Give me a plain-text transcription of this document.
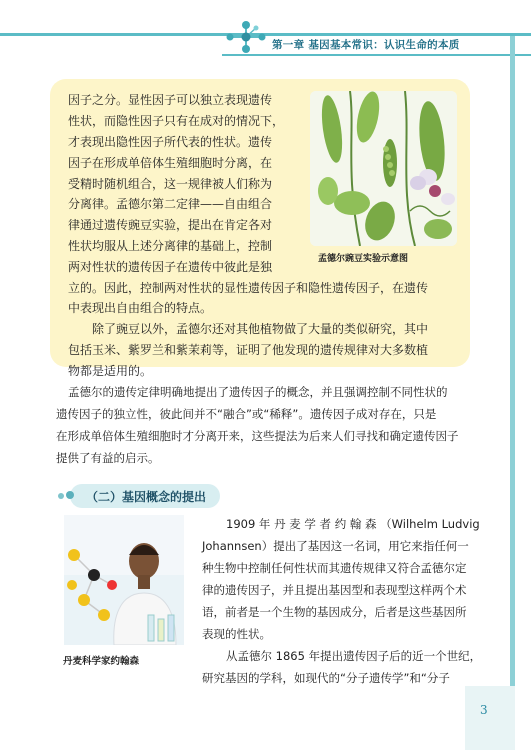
第一章 基因基本常识：认识生命的本质
因子之分。显性因子可以独立表现遗传
性状，而隐性因子只有在成对的情况下，
才表现出隐性因子所代表的性状。遗传
因子在形成单倍体生殖细胞时分离，在
受精时随机组合，这一规律被人们称为
分离律。孟德尔第二定律——自由组合
律通过遗传豌豆实验，提出在肯定各对
性状均服从上述分离律的基础上，控制
两对性状的遗传因子在遗传中彼此是独
立的。因此，控制两对性状的显性遗传因子和隐性遗传因子，在遗传
中表现出自由组合的特点。
除了豌豆以外，孟德尔还对其他植物做了大量的类似研究，其中
包括玉米、紫罗兰和紫茉莉等，证明了他发现的遗传规律对大多数植
物都是适用的。
孟德尔豌豆实验示意图
孟德尔的遗传定律明确地提出了遗传因子的概念，并且强调控制不同性状的
遗传因子的独立性，彼此间并不“融合”或“稀释”。遗传因子成对存在，只是
在形成单倍体生殖细胞时才分离开来，这些提法为后来人们寻找和确定遗传因子
提供了有益的启示。
（二）基因概念的提出
丹麦科学家约翰森
1909 年 丹 麦 学 者 约 翰 森 （Wilhelm Ludvig
Johannsen）提出了基因这一名词，用它来指任何一
种生物中控制任何性状而其遗传规律又符合孟德尔定
律的遗传因子，并且提出基因型和表现型这样两个术
语，前者是一个生物的基因成分，后者是这些基因所
表现的性状。
从孟德尔 1865 年提出遗传因子后的近一个世纪，
研究基因的学科，如现代的“分子遗传学”和“分子
3
